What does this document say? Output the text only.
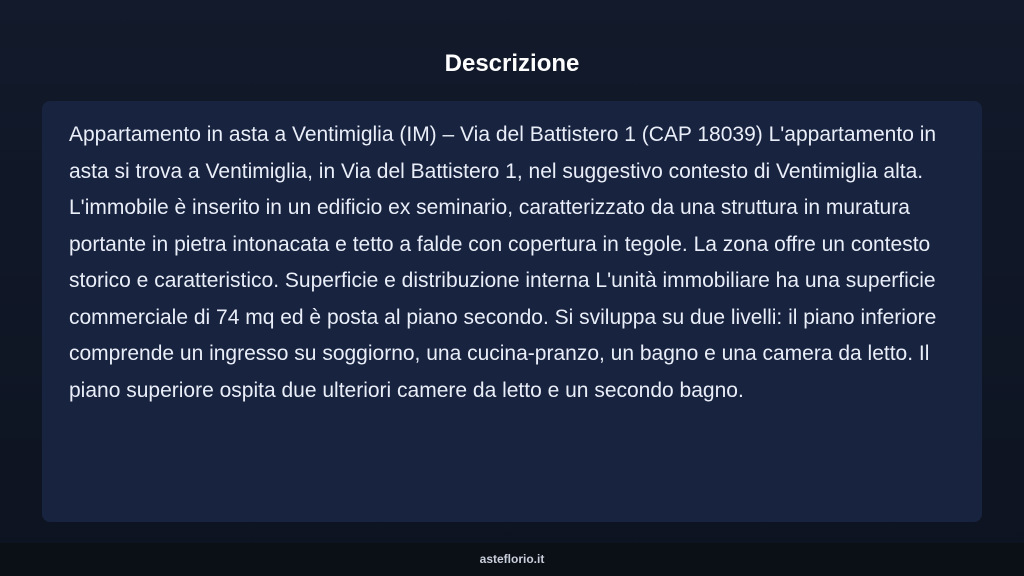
Descrizione
Appartamento in asta a Ventimiglia (IM) – Via del Battistero 1 (CAP 18039) L'appartamento in asta si trova a Ventimiglia, in Via del Battistero 1, nel suggestivo contesto di Ventimiglia alta. L'immobile è inserito in un edificio ex seminario, caratterizzato da una struttura in muratura portante in pietra intonacata e tetto a falde con copertura in tegole. La zona offre un contesto storico e caratteristico. Superficie e distribuzione interna L'unità immobiliare ha una superficie commerciale di 74 mq ed è posta al piano secondo. Si sviluppa su due livelli: il piano inferiore comprende un ingresso su soggiorno, una cucina-pranzo, un bagno e una camera da letto. Il piano superiore ospita due ulteriori camere da letto e un secondo bagno.
asteflorio.it
